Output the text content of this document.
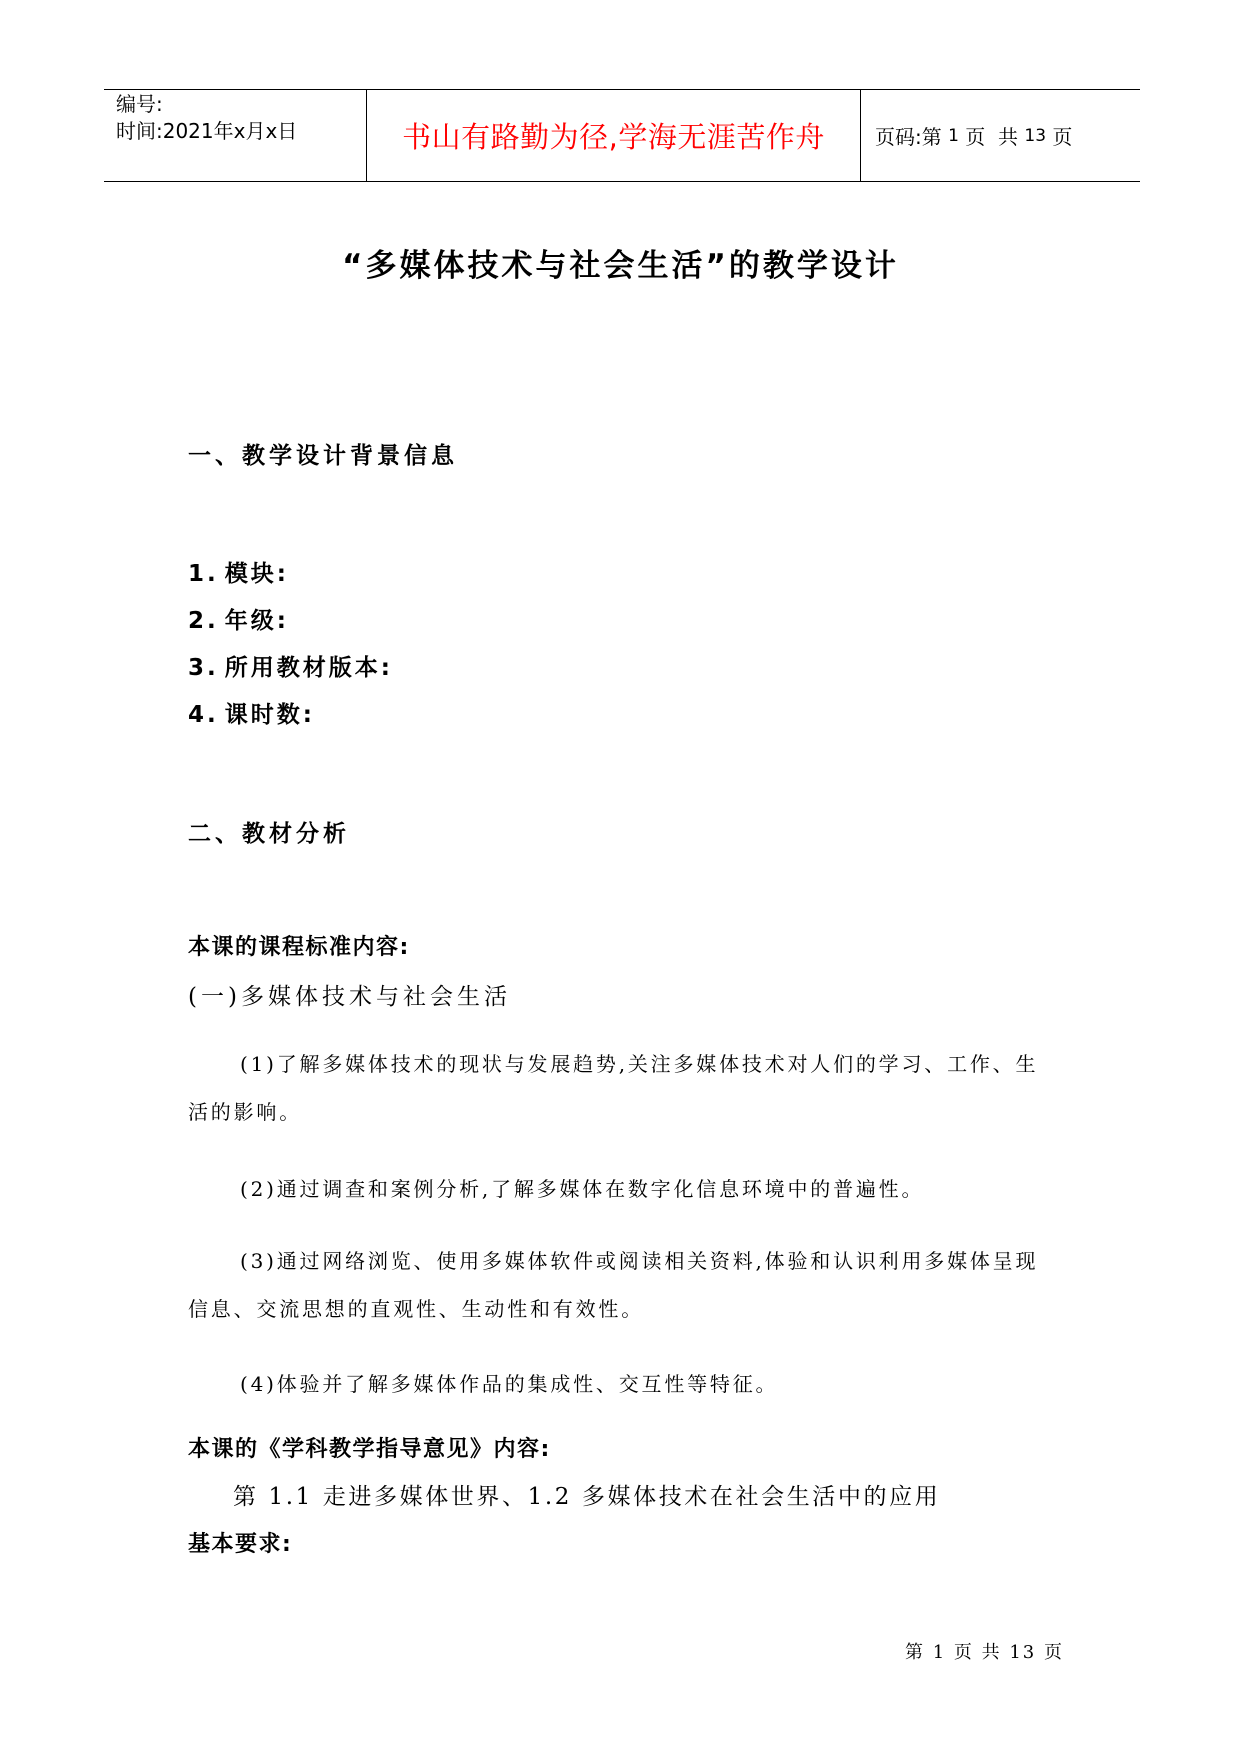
编号:
时间:2021年x月x日	书山有路勤为径,学海无涯苦作舟	页码:第 1 页  共 13 页
“多媒体技术与社会生活”的教学设计
一、教学设计背景信息
1. 模块:
2. 年级:
3. 所用教材版本:
4. 课时数:
二、教材分析
本课的课程标准内容:
(一)多媒体技术与社会生活
(1)了解多媒体技术的现状与发展趋势,关注多媒体技术对人们的学习、工作、生活的影响。
(2)通过调查和案例分析,了解多媒体在数字化信息环境中的普遍性。
(3)通过网络浏览、使用多媒体软件或阅读相关资料,体验和认识利用多媒体呈现信息、交流思想的直观性、生动性和有效性。
(4)体验并了解多媒体作品的集成性、交互性等特征。
本课的《学科教学指导意见》内容:
第 1.1 走进多媒体世界、1.2 多媒体技术在社会生活中的应用
基本要求:
第 1 页 共 13 页
